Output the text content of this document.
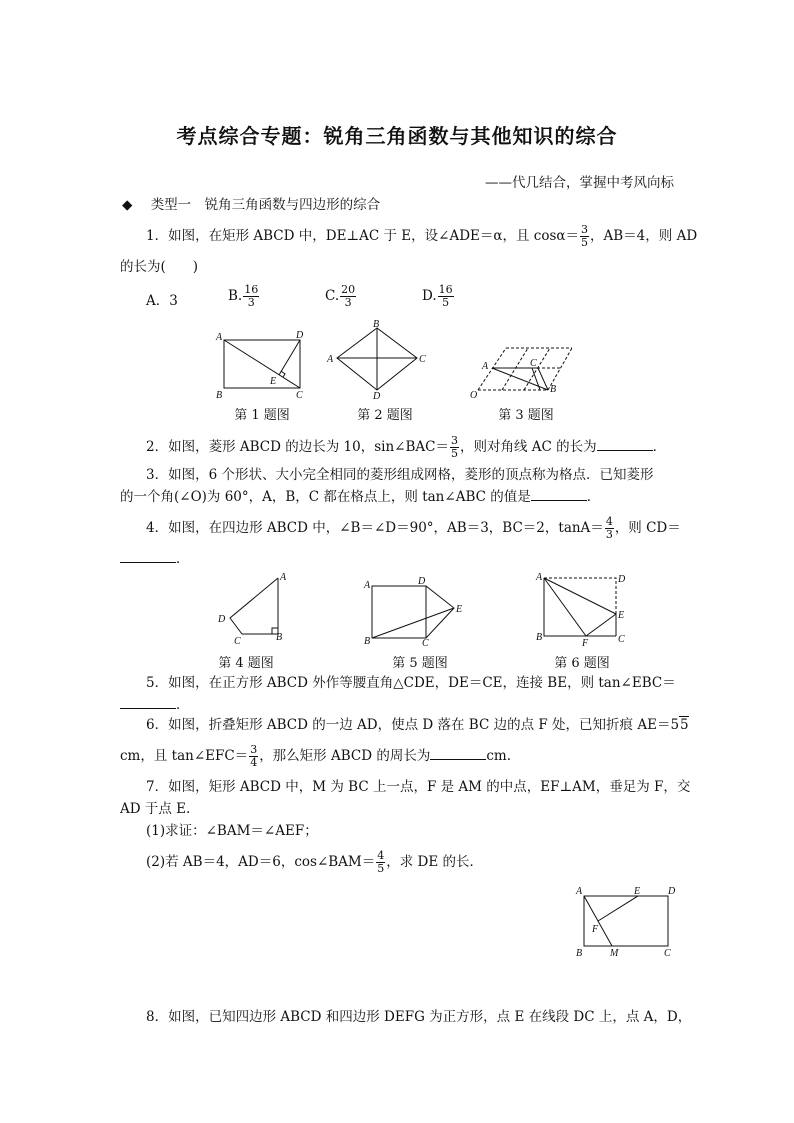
考点综合专题：锐角三角函数与其他知识的综合
——代几结合，掌握中考风向标
◆ 类型一　锐角三角函数与四边形的综合
1．如图，在矩形 ABCD 中，DE⊥AC 于 E，设∠ADE＝α，且 $\cos\alpha= \frac{3}{5}$ ，AB＝4，则 AD
的长为(　　)
A．3	B. $\frac{16}{3}$	C. $\frac{20}{3}$	D. $\frac{16}{5}$
A	D
B	C
E
B
A	C
D	O
A	C
B
第 1 题图	第 2 题图	第 3 题图
2．如图，菱形 ABCD 的边长为 10，sin∠BAC＝ $\frac{3}{5}$ ，则对角线 AC 的长为	．
3．如图，6 个形状、大小完全相同的菱形组成网格，菱形的顶点称为格点．已知菱形
的一个角(∠O)为 60°，A，B，C 都在格点上，则 tan∠ABC 的值是	．
4．如图，在四边形 ABCD 中，∠B＝∠D＝90°，AB＝3，BC＝2，$\tan A= \frac{4}{3}$ ，则 CD＝
．
A
D
C	B
A	D
E
B	C
A	D
E
B
F	C
第 4 题图	第 5 题图	第 6 题图
5．如图，在正方形 ABCD 外作等腰直角△CDE，DE＝CE，连接 BE，则 tan∠EBC＝
．
6．如图，折叠矩形 ABCD 的一边 AD，使点 D 落在 BC 边的点 F 处，已知折痕 AE＝55
cm，且 tan∠EFC＝ $\frac{3}{4}$ ，那么矩形 ABCD 的周长为	cm.
7．如图，矩形 ABCD 中，M 为 BC 上一点，F 是 AM 的中点，EF⊥AM，垂足为 F，交
AD 于点 E.
(1)求证：∠BAM＝∠AEF；
(2)若 AB＝4，AD＝6，cos∠BAM＝ $\frac{4}{5}$ ，求 DE 的长．
A	E	D
F
B	M	C
8．如图，已知四边形 ABCD 和四边形 DEFG 为正方形，点 E 在线段 DC 上，点 A，D，
